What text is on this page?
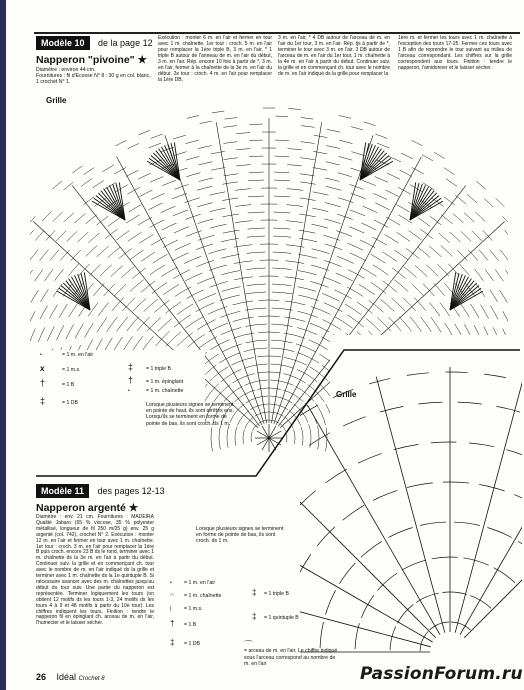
Modèle 10 de la page 12
Napperon "pivoine" ★
Diamètre : environ 44 cm.
Fournitures : fil d'Ecosse N° 8 : 30 g en col. blanc, 1 crochet N° 1.
Exécution : monter 6 m. en l'air et fermer en tour avec 1 m. chaînette. 1er tour : croch. 5 m. en l'air pour remplacer la 1ère triple B, 3 m. en l'air, * 1 triple B autour de l'anneau de m. en l'air du début, 3 m. en l'air. Rép. encore 10 fois à partir de *, 3 m. en l'air, fermer à la chaînette de la 3e m. en l'air du début. 2e tour : croch. 4 m. en l'air pour remplacer la 1ère DB,
3 m. en l'air, * 4 DB autour de l'arceau de m. en l'air du 1er tour, 3 m. en l'air. Rép. tjs à partir de *, terminer le tour avec 3 m. en l'air, 3 DB autour de l'arceau de m. en l'air du 1er tour, 1 m. chaînette à la 4e m. en l'air à partir du début. Continuer suiv. la grille et en commençant ch. tour avec le nombre de m. en l'air indiqué ds la grille pour remplacer la
1ère m. et fermer les tours avec 1 m. chaînette à l'exception des tours 17-25. Fermer ces tours avec 1 B afin de reprendre le tour suivant au milieu de l'arceau correspondant. Les chiffres sur la grille correspondent aux tours. Finition : tendre le napperon, l'amidonner et le laisser sécher.
Grille
•	= 1 m. en l'air
x	= 1 m.s.
†	= 1 B
‡	= 1 DB
‡ = 1 triple B
† = 1 m. épinglant
•	= 1 m. chaînette
Lorsque plusieurs signes se terminent en pointe de haut, ils sont arrêtés ens. Lorsqu'ils se terminent en forme de pointe de bas, ils sont croch. ds 1 m.
Grille
Modèle 11 des pages 12-13
Napperon argenté ★
Diamètre : env. 21 cm. Fournitures : MADEIRA Qualité Jabaro (65 % viscose, 35 % polyester métallisé, longueur de fil 250 m/25 g) env. 25 g argenté (col. 742), crochet N° 2. Exécution : monter 12 m. en l'air et fermer en tour avec 1 m. chaînette. 1er tour : croch. 3 m. en l'air pour remplacer la 1ère B puis croch. encore 23 B ds le rond, terminer avec 1 m. chaînette ds la 3e m. en l'air à partir du début. Continuer suiv. la grille et en commençant ch. tour avec le nombre de m. en l'air indiqué ds la grille et terminer avec 1 m. chaînette ds la 1e quintuple B. Si nécessaire avancer avec des m. chaînettes jusqu'au début du tour suiv. Une partie du napperon est représentée. Terminer logiquement les tours (on obtient 12 motifs ds les tours 1-3, 24 motifs ds les tours 4 à 9 et 48 motifs à partir du 10e tour). Les chiffres indiquent les tours. Finition : tendre le napperon fil en épinglant ch. arceau de m. en l'air, l'humecter et le laisser sécher.
Lorsque plusieurs signes se terminent en forme de pointe de bas, ils sont croch. ds 1 m.
• = 1 m. en l'air
◠ = 1 m. chaînette
| = 1 m.s.
† = 1 B
‡ = 1 DB
‡ = 1 triple B
‡ = 1 quintuple B
⌒
= arceau de m. en l'air. Le chiffre indiqué sous l'arceau correspond au nombre de m. en l'air
26 Idéal Crochet 8	PassionForum.ru
